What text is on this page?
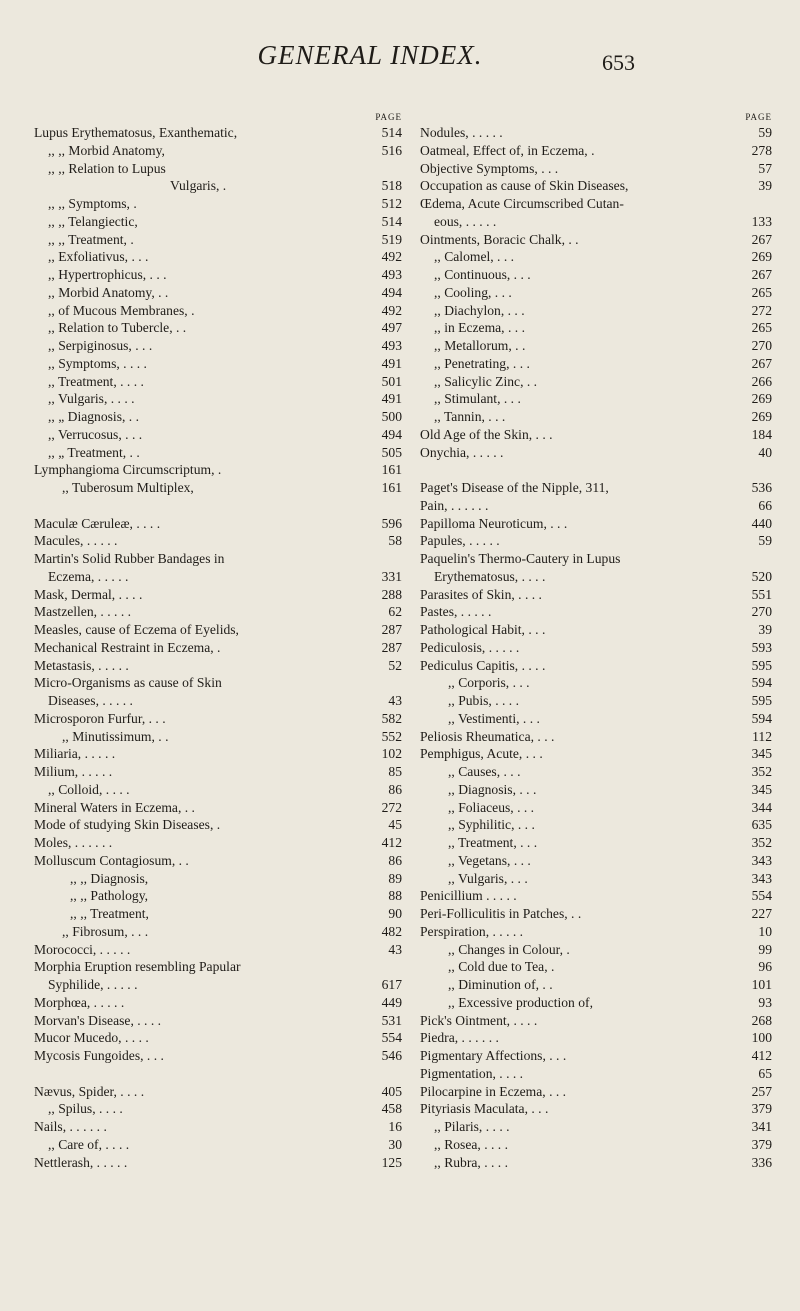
GENERAL INDEX.	653
PAGE
Lupus Erythematosus, Exanthematic,	514
,, ,, Morbid Anatomy,	516
,, ,, Relation to Lupus
Vulgaris, .	518
,, ,, Symptoms, .	512
,, ,, Telangiectic,	514
,, ,, Treatment, .	519
,, Exfoliativus, . . .	492
,, Hypertrophicus, . . .	493
,, Morbid Anatomy, . .	494
,, of Mucous Membranes, .	492
,, Relation to Tubercle, . .	497
,, Serpiginosus, . . .	493
,, Symptoms, . . . .	491
,, Treatment, . . . .	501
,, Vulgaris, . . . .	491
,, „ Diagnosis, . .	500
,, Verrucosus, . . .	494
,, „ Treatment, . .	505
Lymphangioma Circumscriptum, .	161
,, Tuberosum Multiplex,	161
Maculæ Cæruleæ, . . . .	596
Macules, . . . . .	58
Martin's Solid Rubber Bandages in
Eczema, . . . . .	331
Mask, Dermal, . . . .	288
Mastzellen, . . . . .	62
Measles, cause of Eczema of Eyelids,	287
Mechanical Restraint in Eczema, .	287
Metastasis, . . . . .	52
Micro-Organisms as cause of Skin
Diseases, . . . . .	43
Microsporon Furfur, . . .	582
,, Minutissimum, . .	552
Miliaria, . . . . .	102
Milium, . . . . .	85
,, Colloid, . . . .	86
Mineral Waters in Eczema, . .	272
Mode of studying Skin Diseases, .	45
Moles, . . . . . .	412
Molluscum Contagiosum, . .	86
,, ,, Diagnosis,	89
,, ,, Pathology,	88
,, ,, Treatment,	90
,, Fibrosum, . . .	482
Morococci, . . . . .	43
Morphia Eruption resembling Papular
Syphilide, . . . . .	617
Morphœa, . . . . .	449
Morvan's Disease, . . . .	531
Mucor Mucedo, . . . .	554
Mycosis Fungoides, . . .	546
Nævus, Spider, . . . .	405
,, Spilus, . . . .	458
Nails, . . . . . .	16
,, Care of, . . . .	30
Nettlerash, . . . . .	125
PAGE
Nodules, . . . . .	59
Oatmeal, Effect of, in Eczema, .	278
Objective Symptoms, . . .	57
Occupation as cause of Skin Diseases,	39
Œdema, Acute Circumscribed Cutan-
eous, . . . . .	133
Ointments, Boracic Chalk, . .	267
,, Calomel, . . .	269
,, Continuous, . . .	267
,, Cooling, . . .	265
,, Diachylon, . . .	272
,, in Eczema, . . .	265
,, Metallorum, . .	270
,, Penetrating, . . .	267
,, Salicylic Zinc, . .	266
,, Stimulant, . . .	269
,, Tannin, . . .	269
Old Age of the Skin, . . .	184
Onychia, . . . . .	40
Paget's Disease of the Nipple, 311,	536
Pain, . . . . . .	66
Papilloma Neuroticum, . . .	440
Papules, . . . . .	59
Paquelin's Thermo-Cautery in Lupus
Erythematosus, . . . .	520
Parasites of Skin, . . . .	551
Pastes, . . . . .	270
Pathological Habit, . . .	39
Pediculosis, . . . . .	593
Pediculus Capitis, . . . .	595
,, Corporis, . . .	594
,, Pubis, . . . .	595
,, Vestimenti, . . .	594
Peliosis Rheumatica, . . .	112
Pemphigus, Acute, . . .	345
,, Causes, . . .	352
,, Diagnosis, . . .	345
,, Foliaceus, . . .	344
,, Syphilitic, . . .	635
,, Treatment, . . .	352
,, Vegetans, . . .	343
,, Vulgaris, . . .	343
Penicillium . . . . .	554
Peri-Folliculitis in Patches, . .	227
Perspiration, . . . . .	10
,, Changes in Colour, .	99
,, Cold due to Tea, .	96
,, Diminution of, . .	101
,, Excessive production of,	93
Pick's Ointment, . . . .	268
Piedra, . . . . . .	100
Pigmentary Affections, . . .	412
Pigmentation, . . . .	65
Pilocarpine in Eczema, . . .	257
Pityriasis Maculata, . . .	379
,, Pilaris, . . . .	341
,, Rosea, . . . .	379
,, Rubra, . . . .	336
